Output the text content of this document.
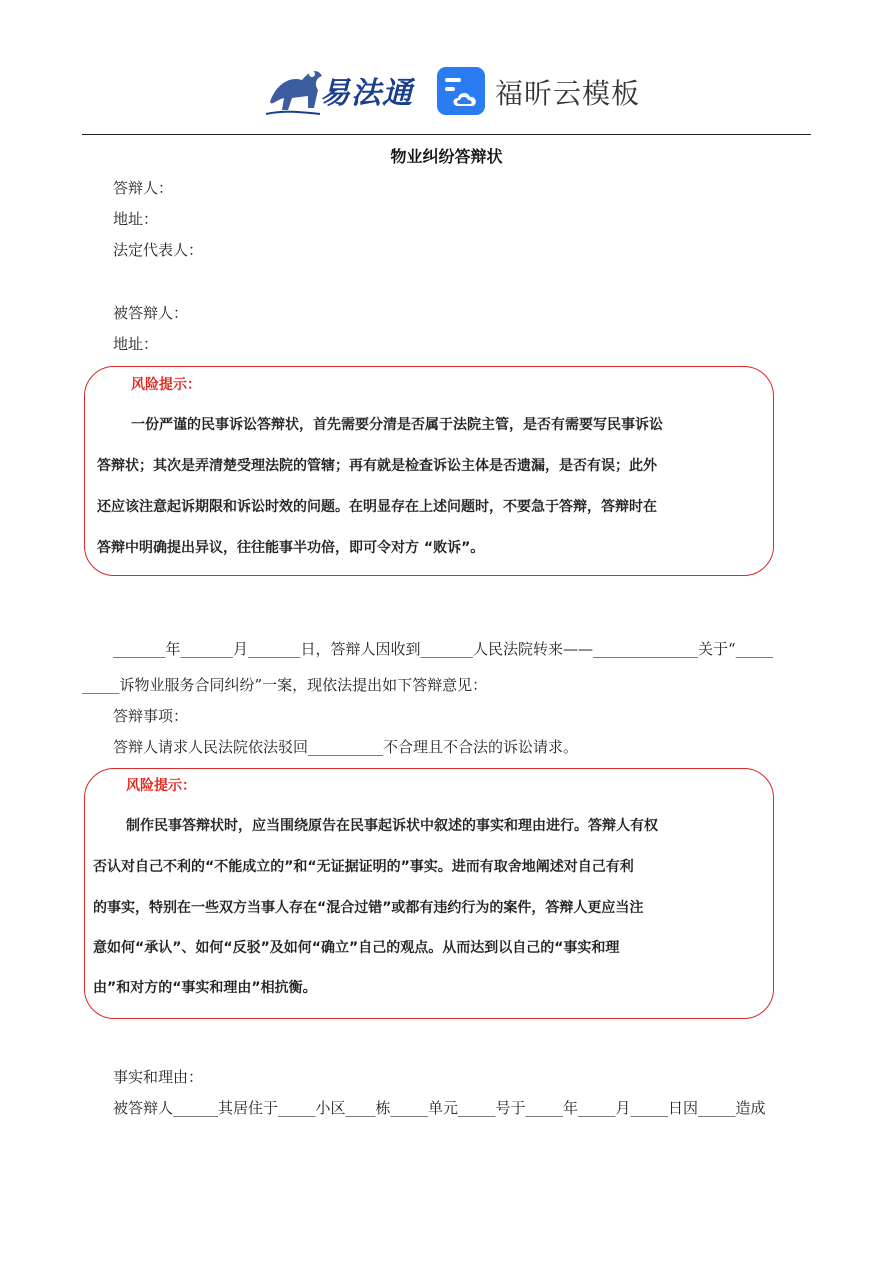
易法通	福昕云模板
物业纠纷答辩状
答辩人：
地址：
法定代表人：
被答辩人：
地址：
风险提示：
一份严谨的民事诉讼答辩状，首先需要分清是否属于法院主管，是否有需要写民事诉讼
答辩状；其次是弄清楚受理法院的管辖；再有就是检查诉讼主体是否遗漏，是否有误；此外
还应该注意起诉期限和诉讼时效的问题。在明显存在上述问题时，不要急于答辩，答辩时在
答辩中明确提出异议，往往能事半功倍，即可令对方 “败诉”。
_______年_______月_______日，答辩人因收到_______人民法院转来——______________关于“_____
_____诉物业服务合同纠纷”一案，现依法提出如下答辩意见：
答辩事项：
答辩人请求人民法院依法驳回__________不合理且不合法的诉讼请求。
风险提示：
制作民事答辩状时，应当围绕原告在民事起诉状中叙述的事实和理由进行。答辩人有权
否认对自己不利的“不能成立的”和“无证据证明的”事实。进而有取舍地阐述对自己有利
的事实，特别在一些双方当事人存在“混合过错”或都有违约行为的案件，答辩人更应当注
意如何“承认”、如何“反驳”及如何“确立”自己的观点。从而达到以自己的“事实和理
由”和对方的“事实和理由”相抗衡。
事实和理由：
被答辩人______其居住于_____小区____栋_____单元_____号于_____年_____月_____日因_____造成
